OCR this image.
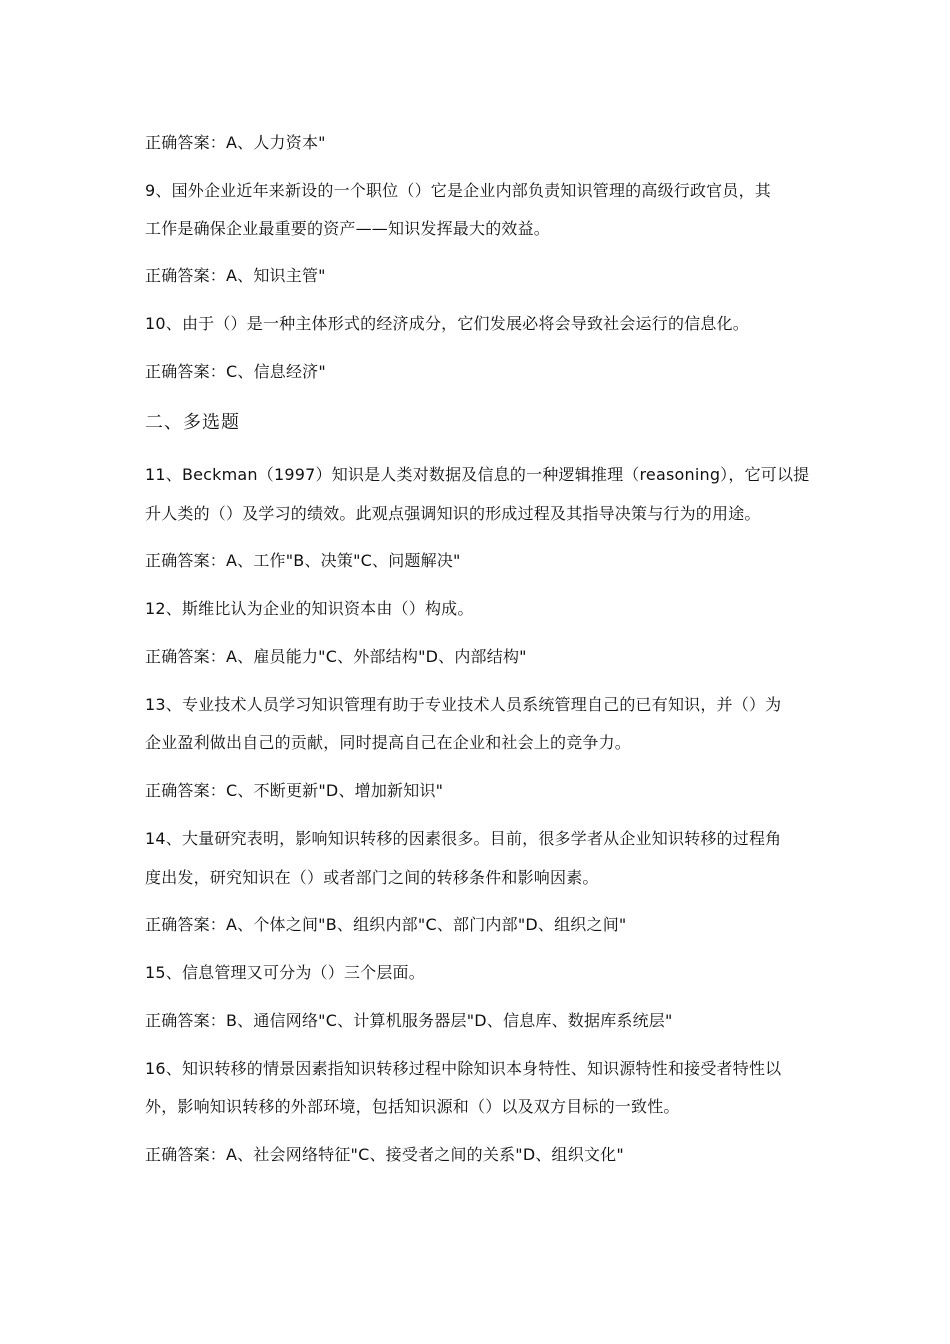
正确答案：A、人力资本"
9、国外企业近年来新设的一个职位（）它是企业内部负责知识管理的高级行政官员，其
工作是确保企业最重要的资产——知识发挥最大的效益。
正确答案：A、知识主管"
10、由于（）是一种主体形式的经济成分，它们发展必将会导致社会运行的信息化。
正确答案：C、信息经济"
二、多选题
11、Beckman（1997）知识是人类对数据及信息的一种逻辑推理（reasoning），它可以提
升人类的（）及学习的绩效。此观点强调知识的形成过程及其指导决策与行为的用途。
正确答案：A、工作"B、决策"C、问题解决"
12、斯维比认为企业的知识资本由（）构成。
正确答案：A、雇员能力"C、外部结构"D、内部结构"
13、专业技术人员学习知识管理有助于专业技术人员系统管理自己的已有知识，并（）为
企业盈利做出自己的贡献，同时提高自己在企业和社会上的竞争力。
正确答案：C、不断更新"D、增加新知识"
14、大量研究表明，影响知识转移的因素很多。目前，很多学者从企业知识转移的过程角
度出发，研究知识在（）或者部门之间的转移条件和影响因素。
正确答案：A、个体之间"B、组织内部"C、部门内部"D、组织之间"
15、信息管理又可分为（）三个层面。
正确答案：B、通信网络"C、计算机服务器层"D、信息库、数据库系统层"
16、知识转移的情景因素指知识转移过程中除知识本身特性、知识源特性和接受者特性以
外，影响知识转移的外部环境，包括知识源和（）以及双方目标的一致性。
正确答案：A、社会网络特征"C、接受者之间的关系"D、组织文化"
